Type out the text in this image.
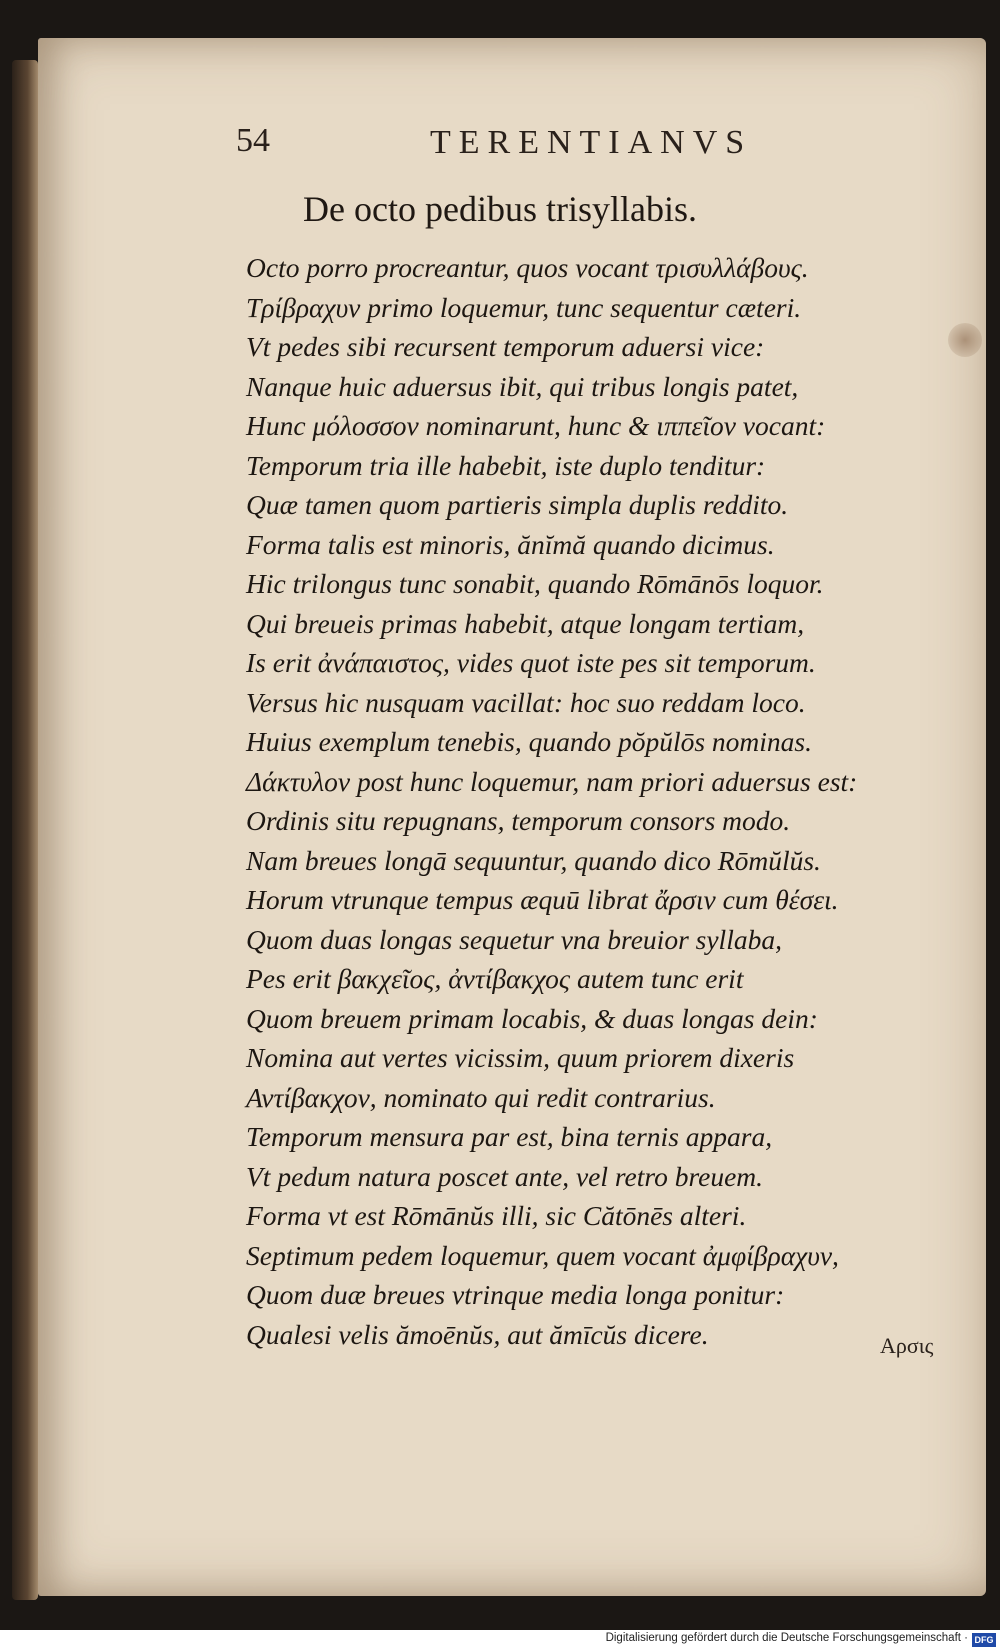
54	TERENTIANVS
De octo pedibus trisyllabis.
Octo porro procreantur, quos vocant τρισυλλάβους.
Τρίβραχυν primo loquemur, tunc sequentur cæteri.
Vt pedes sibi recursent temporum aduersi vice:
Nanque huic aduersus ibit, qui tribus longis patet,
Hunc μόλοσσον nominarunt, hunc & ιππεῖον vocant:
Temporum tria ille habebit, iste duplo tenditur:
Quæ tamen quom partieris simpla duplis reddito.
Forma talis est minoris, ănĭmă quando dicimus.
Hic trilongus tunc sonabit, quando Rōmānōs loquor.
Qui breueis primas habebit, atque longam tertiam,
Is erit ἀνάπαιστος, vides quot iste pes sit temporum.
Versus hic nusquam vacillat: hoc suo reddam loco.
Huius exemplum tenebis, quando pŏpŭlōs nominas.
Δάκτυλον post hunc loquemur, nam priori aduersus est:
Ordinis situ repugnans, temporum consors modo.
Nam breues longā sequuntur, quando dico Rōmŭlŭs.
Horum vtrunque tempus æquū librat ἄρσιν cum θέσει.
Quom duas longas sequetur vna breuior syllaba,
Pes erit βακχεῖος, ἀντίβακχος autem tunc erit
Quom breuem primam locabis, & duas longas dein:
Nomina aut vertes vicissim, quum priorem dixeris
Αντίβακχον, nominato qui redit contrarius.
Temporum mensura par est, bina ternis appara,
Vt pedum natura poscet ante, vel retro breuem.
Forma vt est Rōmānŭs illi, sic Cătōnēs alteri.
Septimum pedem loquemur, quem vocant ἀμφίβραχυν,
Quom duæ breues vtrinque media longa ponitur:
Qualesi velis ămoēnŭs, aut ămīcŭs dicere.	Αρσις
Digitalisierung gefördert durch die Deutsche Forschungsgemeinschaft · DFG
